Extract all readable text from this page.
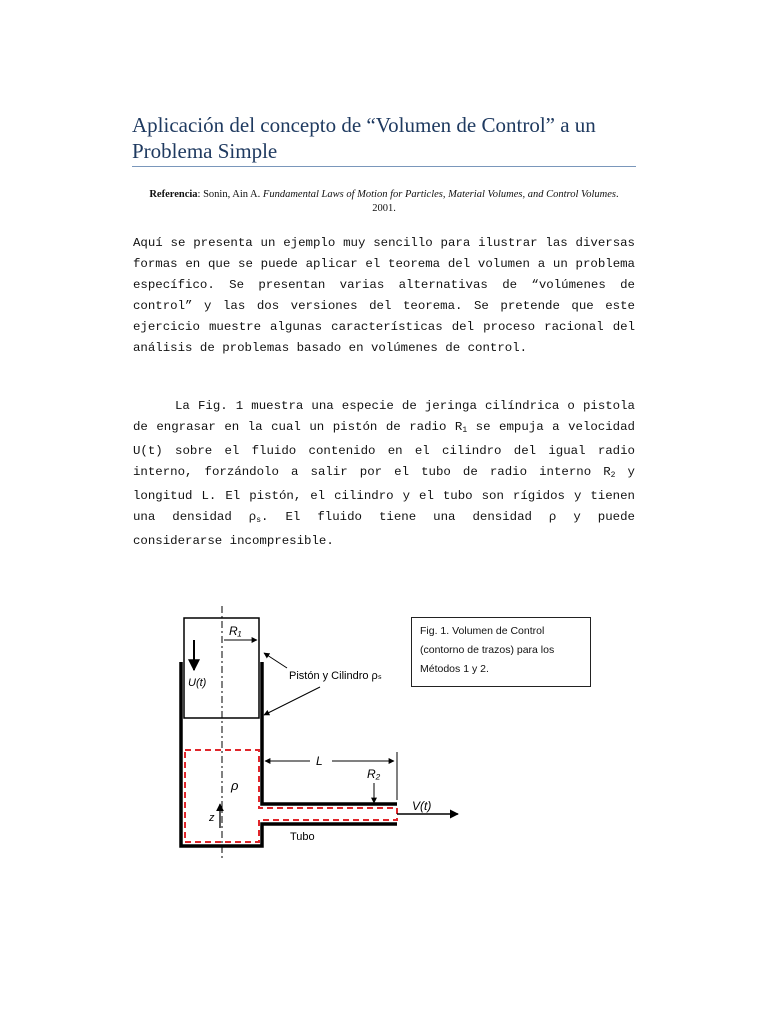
Aplicación del concepto de “Volumen de Control” a un Problema Simple
Referencia: Sonin, Ain A. Fundamental Laws of Motion for Particles, Material Volumes, and Control Volumes. 2001.

Aquí se presenta un ejemplo muy sencillo para ilustrar las diversas formas en que se puede aplicar el teorema del volumen a un problema específico. Se presentan varias alternativas de “volúmenes de control” y las dos versiones del teorema. Se pretende que este ejercicio muestre algunas características del proceso racional del análisis de problemas basado en volúmenes de control.

La Fig. 1 muestra una especie de jeringa cilíndrica o pistola de engrasar en la cual un pistón de radio $R_1$ se empuja a velocidad U(t) sobre el fluido contenido en el cilindro del igual radio interno, forzándolo a salir por el tubo de radio interno $R_2$ y longitud L. El pistón, el cilindro y el tubo son rígidos y tienen una densidad $\rho_s$. El fluido tiene una densidad ρ y puede considerarse incompresible.

R₁
U(t)
Pistón y Cilindro ρₛ
L
R₂
ρ
z
V(t)
Tubo
Fig. 1. Volumen de Control
(contorno de trazos) para los
Métodos 1 y 2.
